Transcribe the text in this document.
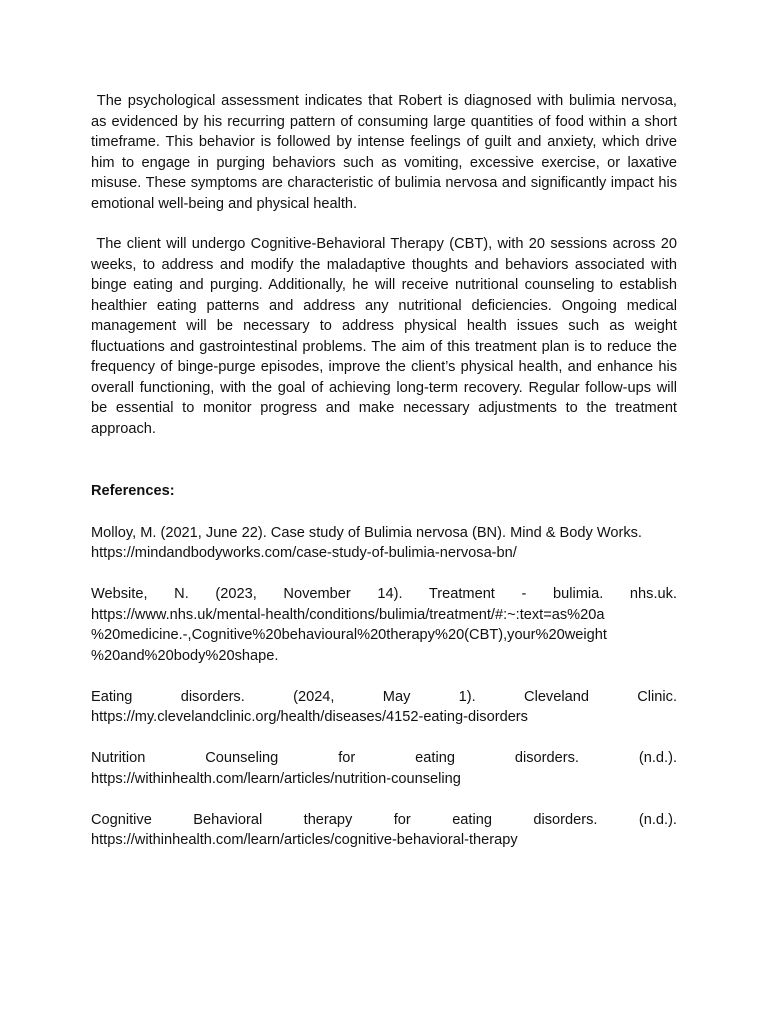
The psychological assessment indicates that Robert is diagnosed with bulimia nervosa, as evidenced by his recurring pattern of consuming large quantities of food within a short timeframe. This behavior is followed by intense feelings of guilt and anxiety, which drive him to engage in purging behaviors such as vomiting, excessive exercise, or laxative misuse. These symptoms are characteristic of bulimia nervosa and significantly impact his emotional well-being and physical health.

The client will undergo Cognitive-Behavioral Therapy (CBT), with 20 sessions across 20 weeks, to address and modify the maladaptive thoughts and behaviors associated with binge eating and purging. Additionally, he will receive nutritional counseling to establish healthier eating patterns and address any nutritional deficiencies. Ongoing medical management will be necessary to address physical health issues such as weight fluctuations and gastrointestinal problems. The aim of this treatment plan is to reduce the frequency of binge-purge episodes, improve the client’s physical health, and enhance his overall functioning, with the goal of achieving long-term recovery. Regular follow-ups will be essential to monitor progress and make necessary adjustments to the treatment approach.

References:
Molloy, M. (2021, June 22). Case study of Bulimia nervosa (BN). Mind & Body Works.
https://mindandbodyworks.com/case-study-of-bulimia-nervosa-bn/
Website, N. (2023, November 14). Treatment - bulimia. nhs.uk.
https://www.nhs.uk/mental-health/conditions/bulimia/treatment/#:~:text=as%20a
%20medicine.-,Cognitive%20behavioural%20therapy%20(CBT),your%20weight
%20and%20body%20shape.
Eating disorders. (2024, May 1). Cleveland Clinic.
https://my.clevelandclinic.org/health/diseases/4152-eating-disorders
Nutrition Counseling for eating disorders. (n.d.).
https://withinhealth.com/learn/articles/nutrition-counseling
Cognitive Behavioral therapy for eating disorders. (n.d.).
https://withinhealth.com/learn/articles/cognitive-behavioral-therapy
